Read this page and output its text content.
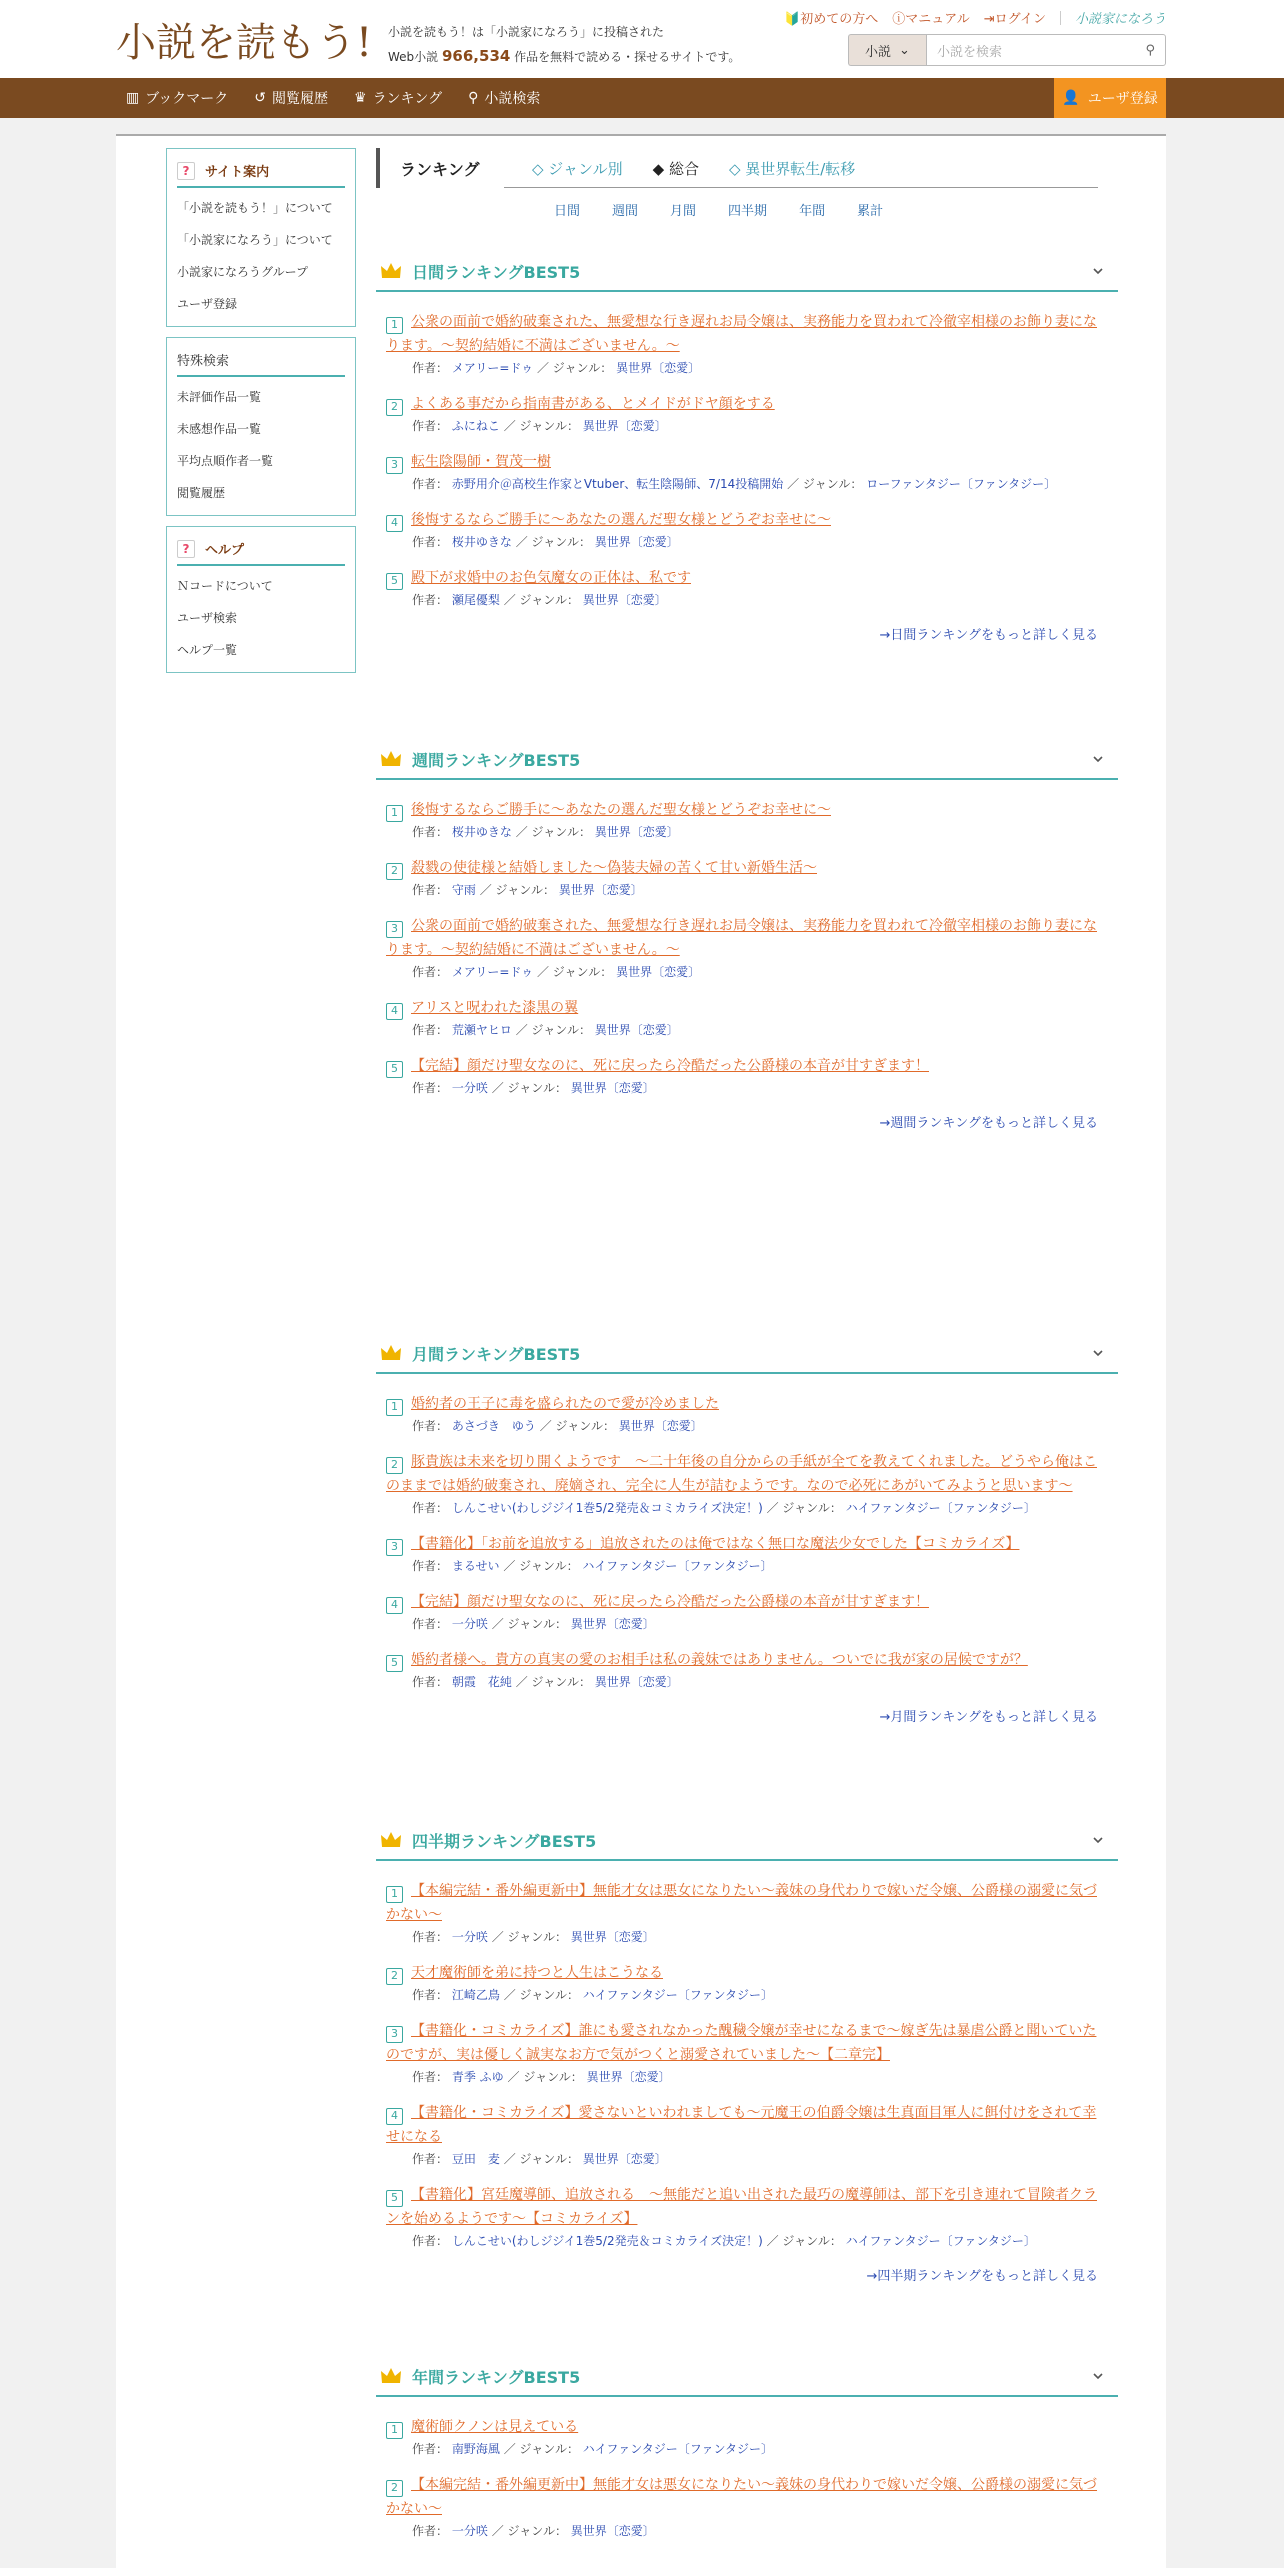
小説を読もう! 小説を読もう！は「小説家になろう」に投稿された
Web小説 966,534 作品を無料で読める・探せるサイトです。
🔰初めての方へ ⓘマニュアル ⇥ログイン 小説家になろう
小説 ⌄ 小説を検索	⚲
▥ ブックマーク ↺ 閲覧履歴 ♛ ランキング ⚲ 小説検索	👤 ユーザ登録
?	サイト案内
「小説を読もう！」について
「小説家になろう」について
小説家になろうグループ
ユーザ登録
特殊検索
未評価作品一覧
未感想作品一覧
平均点順作者一覧
閲覧履歴
?	ヘルプ
Ｎコードについて
ユーザ検索
ヘルプ一覧
ランキング	◇ ジャンル別 ◆ 総合 ◇ 異世界転生/転移
日間 週間 月間 四半期 年間 累計
日間ランキングBEST5
1 公衆の面前で婚約破棄された、無愛想な行き遅れお局令嬢は、実務能力を買われて冷徹宰相様のお飾り妻になります。～契約結婚に不満はございません。～
作者： メアリー=ドゥ ／ ジャンル： 異世界〔恋愛〕
2 よくある事だから指南書がある、とメイドがドヤ顔をする
作者： ふにねこ ／ ジャンル： 異世界〔恋愛〕
3 転生陰陽師・賀茂一樹
作者： 赤野用介＠高校生作家とVtuber、転生陰陽師、7/14投稿開始 ／ ジャンル： ローファンタジー〔ファンタジー〕
4 後悔するならご勝手に～あなたの選んだ聖女様とどうぞお幸せに～
作者： 桜井ゆきな ／ ジャンル： 異世界〔恋愛〕
5 殿下が求婚中のお色気魔女の正体は、私です
作者： 瀬尾優梨 ／ ジャンル： 異世界〔恋愛〕
→日間ランキングをもっと詳しく見る
週間ランキングBEST5
1 後悔するならご勝手に～あなたの選んだ聖女様とどうぞお幸せに～
作者： 桜井ゆきな ／ ジャンル： 異世界〔恋愛〕
2 殺戮の使徒様と結婚しました～偽装夫婦の苦くて甘い新婚生活～
作者： 守雨 ／ ジャンル： 異世界〔恋愛〕
3 公衆の面前で婚約破棄された、無愛想な行き遅れお局令嬢は、実務能力を買われて冷徹宰相様のお飾り妻になります。～契約結婚に不満はございません。～
作者： メアリー=ドゥ ／ ジャンル： 異世界〔恋愛〕
4 アリスと呪われた漆黒の翼
作者： 荒瀬ヤヒロ ／ ジャンル： 異世界〔恋愛〕
5 【完結】顔だけ聖女なのに、死に戻ったら冷酷だった公爵様の本音が甘すぎます！
作者： 一分咲 ／ ジャンル： 異世界〔恋愛〕
→週間ランキングをもっと詳しく見る
月間ランキングBEST5
1 婚約者の王子に毒を盛られたので愛が冷めました
作者： あさづき　ゆう ／ ジャンル： 異世界〔恋愛〕
2 豚貴族は未来を切り開くようです　～二十年後の自分からの手紙が全てを教えてくれました。どうやら俺はこのままでは婚約破棄され、廃嫡され、完全に人生が詰むようです。なので必死にあがいてみようと思います～
作者： しんこせい(わしジジイ1巻5/2発売＆コミカライズ決定！) ／ ジャンル： ハイファンタジー〔ファンタジー〕
3 【書籍化】「お前を追放する」追放されたのは俺ではなく無口な魔法少女でした【コミカライズ】
作者： まるせい ／ ジャンル： ハイファンタジー〔ファンタジー〕
4 【完結】顔だけ聖女なのに、死に戻ったら冷酷だった公爵様の本音が甘すぎます！
作者： 一分咲 ／ ジャンル： 異世界〔恋愛〕
5 婚約者様へ。貴方の真実の愛のお相手は私の義妹ではありません。ついでに我が家の居候ですが？
作者： 朝霞　花純 ／ ジャンル： 異世界〔恋愛〕
→月間ランキングをもっと詳しく見る
四半期ランキングBEST5
1 【本編完結・番外編更新中】無能才女は悪女になりたい～義妹の身代わりで嫁いだ令嬢、公爵様の溺愛に気づかない～
作者： 一分咲 ／ ジャンル： 異世界〔恋愛〕
2 天才魔術師を弟に持つと人生はこうなる
作者： 江崎乙鳥 ／ ジャンル： ハイファンタジー〔ファンタジー〕
3 【書籍化・コミカライズ】誰にも愛されなかった醜穢令嬢が幸せになるまで〜嫁ぎ先は暴虐公爵と聞いていたのですが、実は優しく誠実なお方で気がつくと溺愛されていました〜【二章完】
作者： 青季 ふゆ ／ ジャンル： 異世界〔恋愛〕
4 【書籍化・コミカライズ】愛さないといわれましても～元魔王の伯爵令嬢は生真面目軍人に餌付けをされて幸せになる
作者： 豆田　麦 ／ ジャンル： 異世界〔恋愛〕
5 【書籍化】宮廷魔導師、追放される　～無能だと追い出された最巧の魔導師は、部下を引き連れて冒険者クランを始めるようです～【コミカライズ】
作者： しんこせい(わしジジイ1巻5/2発売＆コミカライズ決定！) ／ ジャンル： ハイファンタジー〔ファンタジー〕
→四半期ランキングをもっと詳しく見る
年間ランキングBEST5
1 魔術師クノンは見えている
作者： 南野海風 ／ ジャンル： ハイファンタジー〔ファンタジー〕
2 【本編完結・番外編更新中】無能才女は悪女になりたい～義妹の身代わりで嫁いだ令嬢、公爵様の溺愛に気づかない～
作者： 一分咲 ／ ジャンル： 異世界〔恋愛〕
